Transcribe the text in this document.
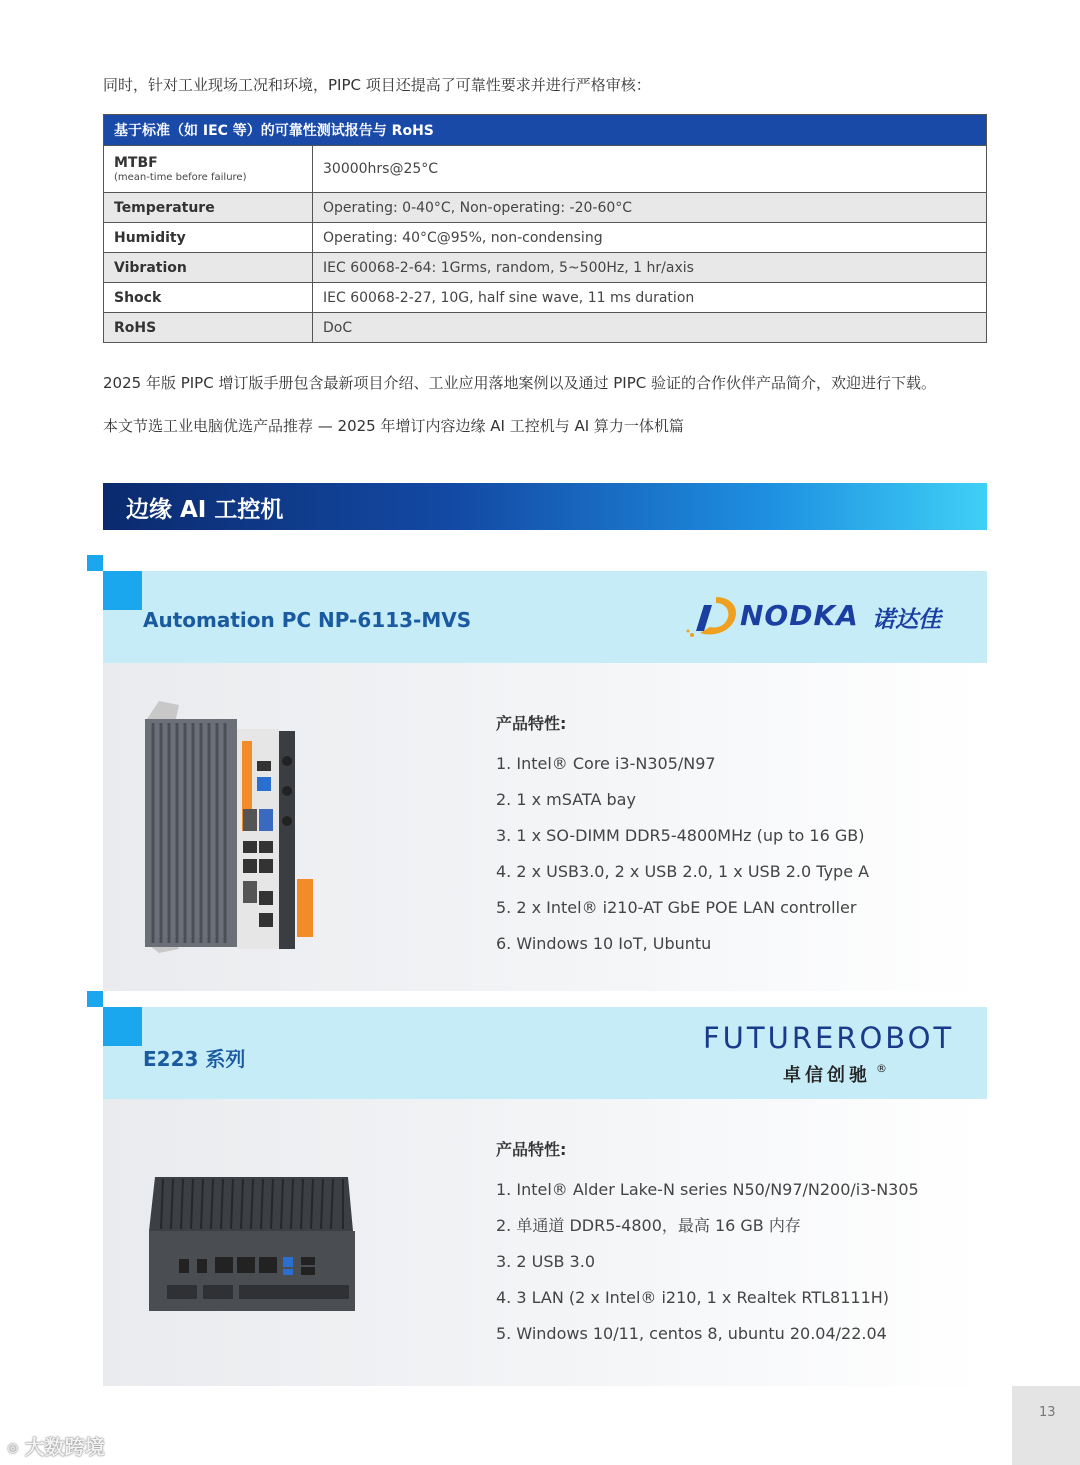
同时，针对工业现场工况和环境，PIPC 项目还提高了可靠性要求并进行严格审核：
基于标准（如 IEC 等）的可靠性测试报告与 RoHS	
MTBF
(mean-time before failure)	30000hrs@25°C
Temperature	Operating: 0-40°C, Non-operating: -20-60°C
Humidity	Operating: 40°C@95%, non-condensing
Vibration	IEC 60068-2-64: 1Grms, random, 5~500Hz, 1 hr/axis
Shock	IEC 60068-2-27, 10G, half sine wave, 11 ms duration
RoHS	DoC
2025 年版 PIPC 增订版手册包含最新项目介绍、工业应用落地案例以及通过 PIPC 验证的合作伙伴产品简介，欢迎进行下载。
本文节选工业电脑优选产品推荐 — 2025 年增订内容边缘 AI 工控机与 AI 算力一体机篇
边缘 AI 工控机
Automation PC NP-6113-MVS	NODKA 诺达佳
产品特性:
1. Intel® Core i3-N305/N97
2. 1 x mSATA bay
3. 1 x SO-DIMM DDR5-4800MHz (up to 16 GB)
4. 2 x USB3.0, 2 x USB 2.0, 1 x USB 2.0 Type A
5. 2 x Intel® i210-AT GbE POE LAN controller
6. Windows 10 IoT, Ubuntu
E223 系列
FUTUREROBOT
卓信创驰 ®
产品特性:
1. Intel® Alder Lake-N series N50/N97/N200/i3-N305
2. 单通道 DDR5-4800，最高 16 GB 内存
3. 2 USB 3.0
4. 3 LAN (2 x Intel® i210, 1 x Realtek RTL8111H)
5. Windows 10/11, centos 8, ubuntu 20.04/22.04
13
⌾ 大数跨境
